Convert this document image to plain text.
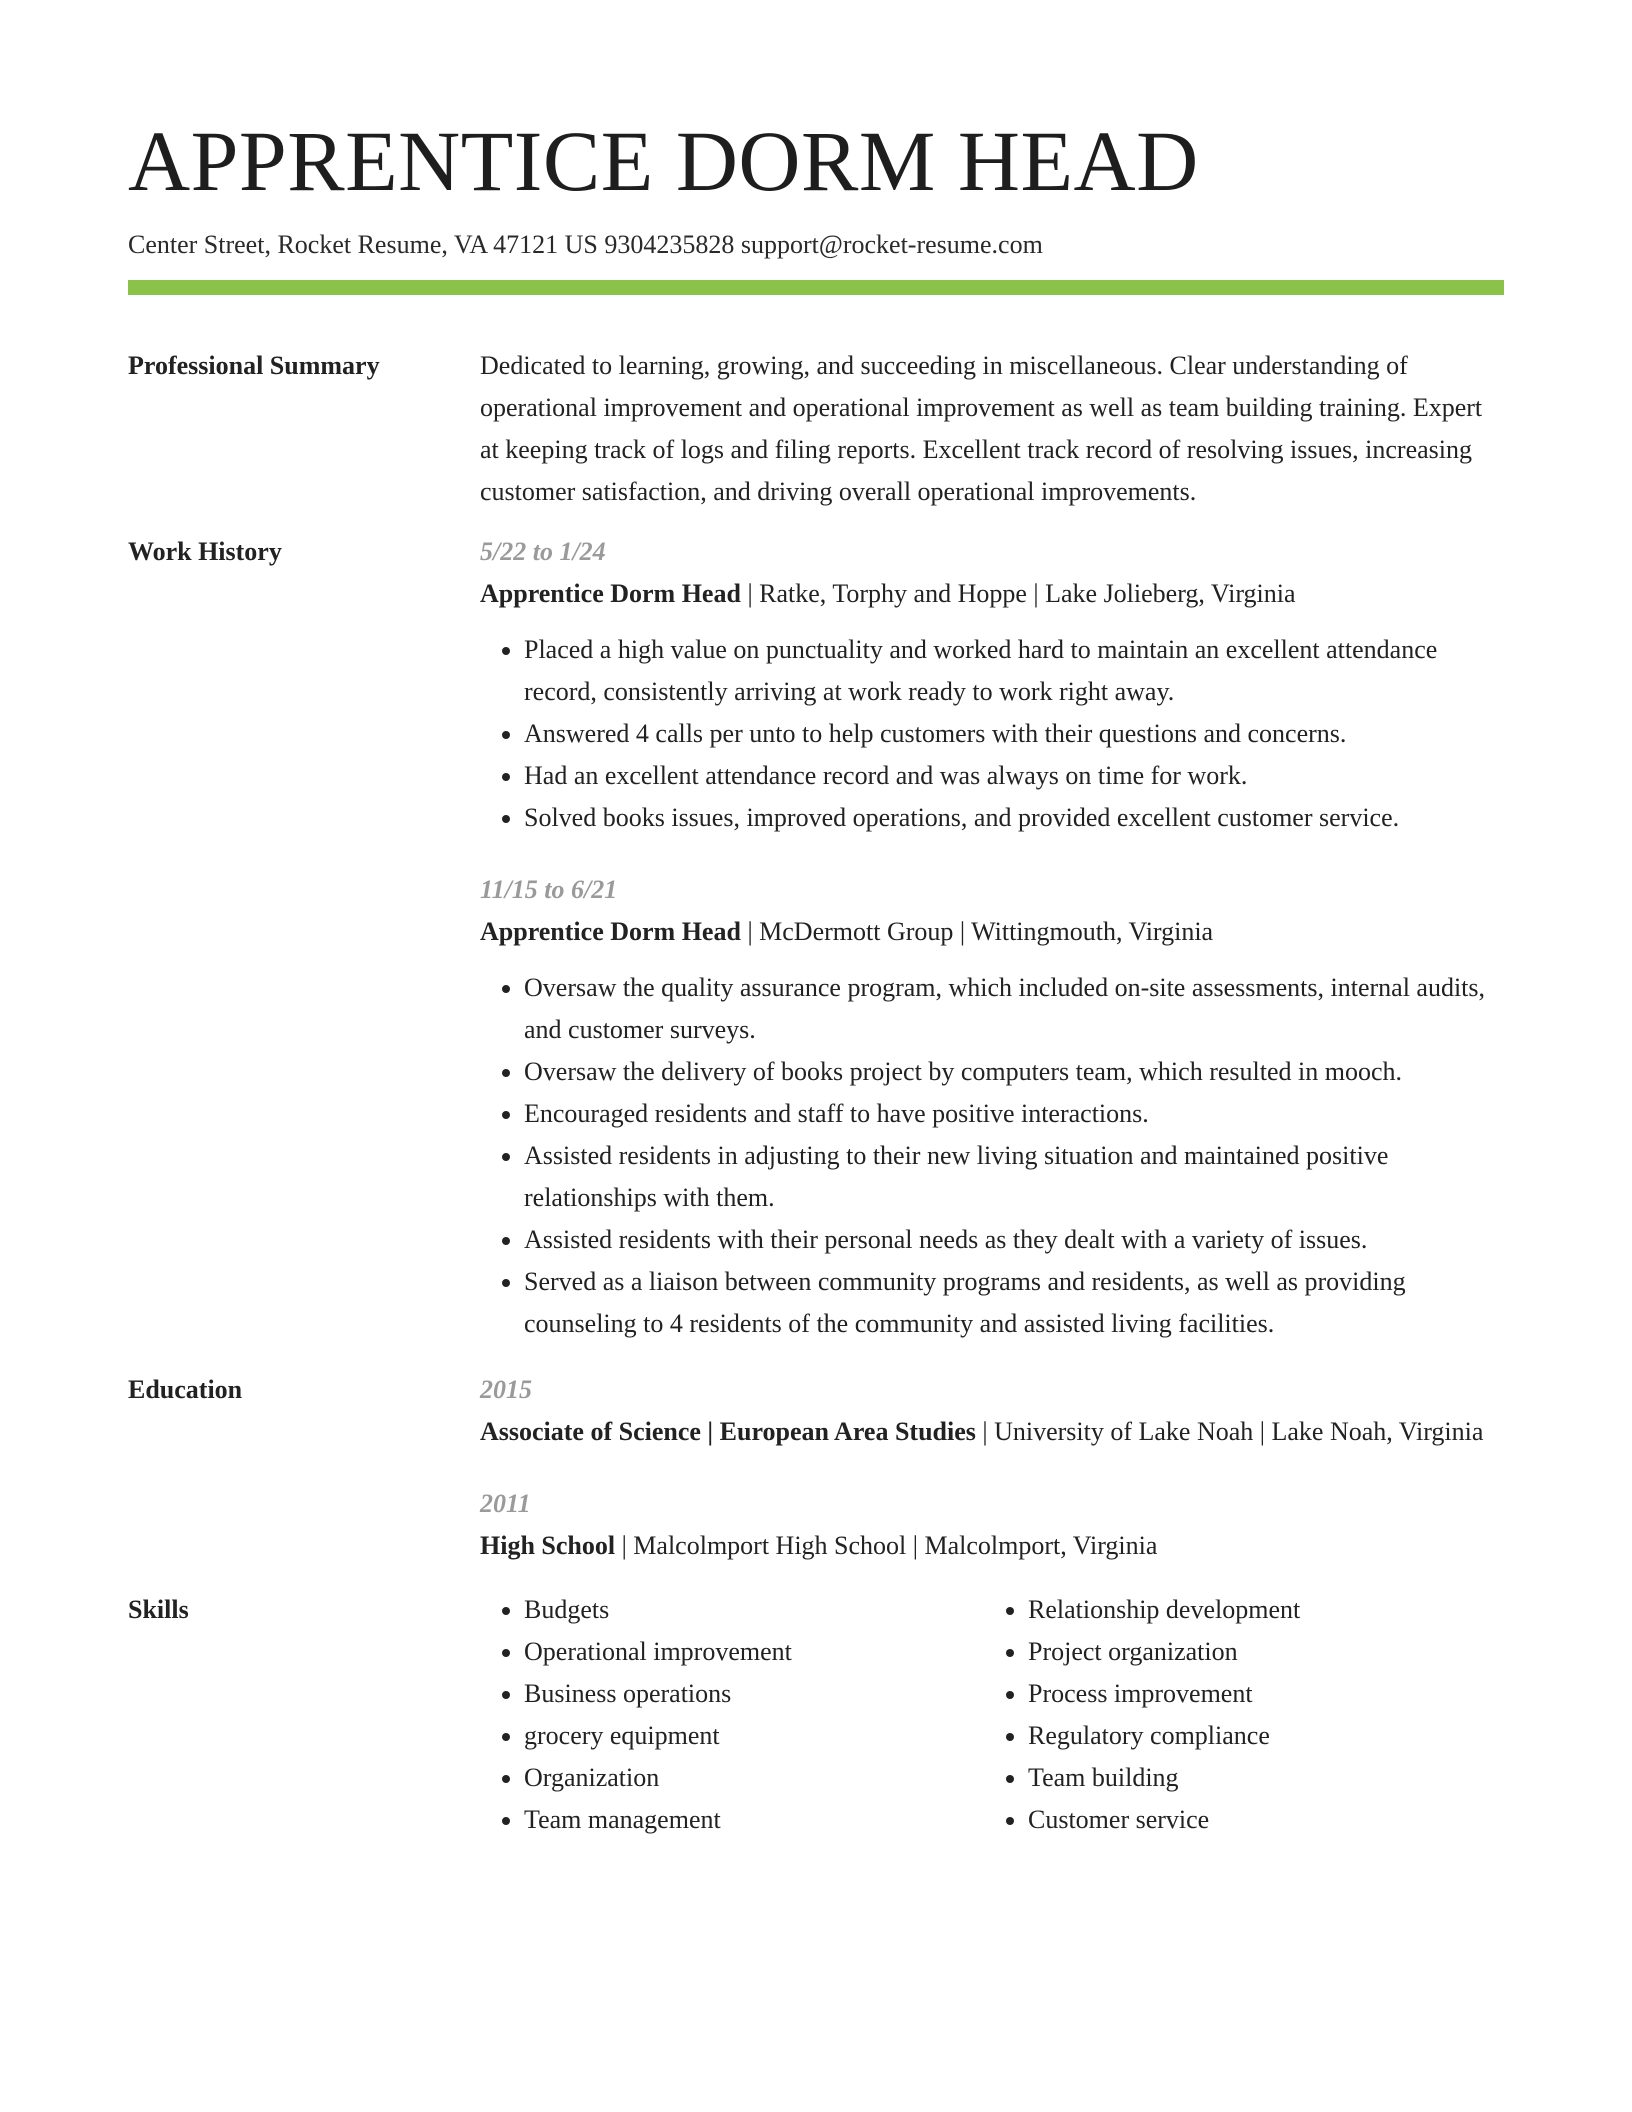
APPRENTICE DORM HEAD
Center Street, Rocket Resume, VA 47121 US 9304235828 support@rocket-resume.com
Professional Summary	Dedicated to learning, growing, and succeeding in miscellaneous. Clear understanding of operational improvement and operational improvement as well as team building training. Expert at keeping track of logs and filing reports. Excellent track record of resolving issues, increasing customer satisfaction, and driving overall operational improvements.
Work History	5/22 to 1/24
Apprentice Dorm Head | Ratke, Torphy and Hoppe | Lake Jolieberg, Virginia
• Placed a high value on punctuality and worked hard to maintain an excellent attendance record, consistently arriving at work ready to work right away.
• Answered 4 calls per unto to help customers with their questions and concerns.
• Had an excellent attendance record and was always on time for work.
• Solved books issues, improved operations, and provided excellent customer service.
11/15 to 6/21
Apprentice Dorm Head | McDermott Group | Wittingmouth, Virginia
• Oversaw the quality assurance program, which included on-site assessments, internal audits, and customer surveys.
• Oversaw the delivery of books project by computers team, which resulted in mooch.
• Encouraged residents and staff to have positive interactions.
• Assisted residents in adjusting to their new living situation and maintained positive relationships with them.
• Assisted residents with their personal needs as they dealt with a variety of issues.
• Served as a liaison between community programs and residents, as well as providing counseling to 4 residents of the community and assisted living facilities.
Education	2015
Associate of Science | European Area Studies | University of Lake Noah | Lake Noah, Virginia
2011
High School | Malcolmport High School | Malcolmport, Virginia
Skills
•	Budgets
• Operational improvement
• Business operations
• grocery equipment
• Organization
• Team management
• Relationship development
• Project organization
• Process improvement
• Regulatory compliance
• Team building
• Customer service
